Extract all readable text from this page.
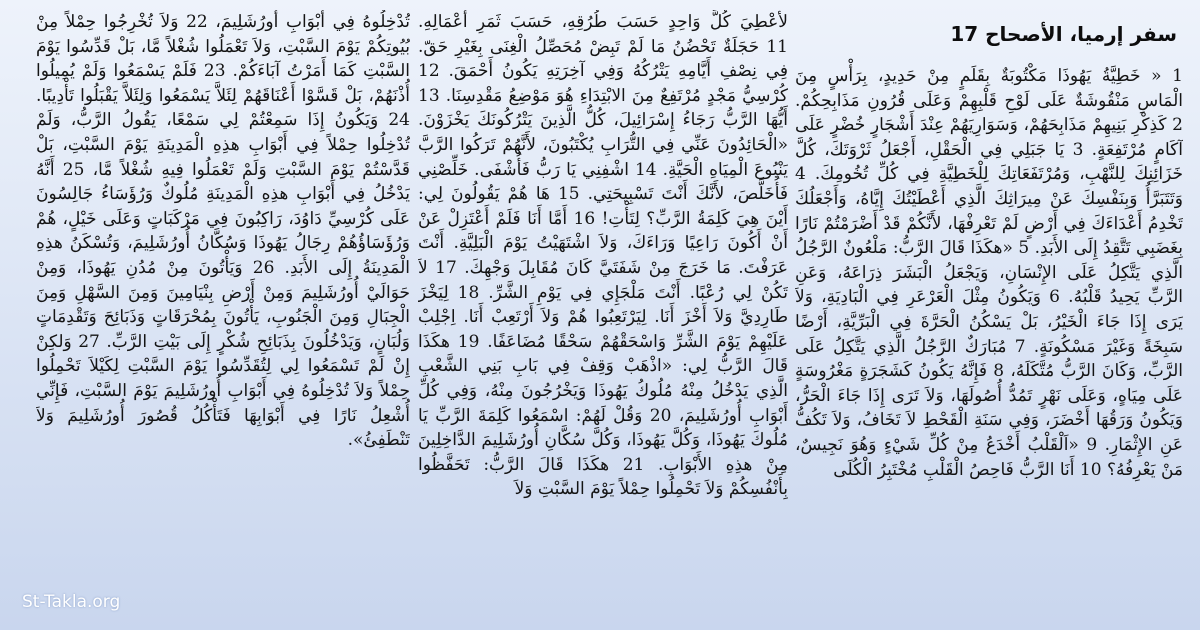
سفر إرميا، الأصحاح 17
1 « خَطِيَّةُ يَهُوذَا مَكْتُوبَةٌ بِقَلَمٍ مِنْ حَدِيدٍ، بِرَأْسٍ مِنَ الْمَاسِ مَنْقُوشَةٌ عَلَى لَوْحِ قَلْبِهِمْ وَعَلَى قُرُونِ مَذَابِحِكُمْ. 2 كَذِكْرِ بَنِيهِمْ مَذَابِحَهُمْ، وَسَوَارِيَهُمْ عِنْدَ أَشْجَارٍ خُضْرٍ عَلَى آكَامٍ مُرْتَفِعَةٍ. 3 يَا جَبَلِي فِي الْحَقْلِ، أَجْعَلُ ثَرْوَتَكَ، كُلَّ خَزَائِنِكَ لِلنَّهْبِ، وَمُرْتَفَعَاتِكَ لِلْخَطِيَّةِ فِي كُلِّ تُخُومِكَ. 4 وَتَتَبَرَّأُ وَبِنَفْسِكَ عَنْ مِيرَاثِكَ الَّذِي أَعْطَيْتُكَ إِيَّاهُ، وَأَجْعَلُكَ تَخْدِمُ أَعْدَاءَكَ فِي أَرْضٍ لَمْ تَعْرِفْهَا، لأَنَّكُمْ قَدْ أَضْرَمْتُمْ نَارًا بِغَضَبِي تَتَّقِدُ إِلَى الأَبَدِ. 5 «هكَذَا قَالَ الرَّبُّ: مَلْعُونٌ الرَّجُلُ الَّذِي يَتَّكِلُ عَلَى الإِنْسَانِ، وَيَجْعَلُ الْبَشَرَ ذِرَاعَهُ، وَعَنِ الرَّبِّ يَحِيدُ قَلْبُهُ. 6 وَيَكُونُ مِثْلَ الْعَرْعَرِ فِي الْبَادِيَةِ، وَلاَ يَرَى إِذَا جَاءَ الْخَيْرُ، بَلْ يَسْكُنُ الْحَرَّةَ فِي الْبَرِّيَّةِ، أَرْضًا سَبِخَةً وَغَيْرَ مَسْكُونَةٍ. 7 مُبَارَكٌ الرَّجُلُ الَّذِي يَتَّكِلُ عَلَى الرَّبِّ، وَكَانَ الرَّبُّ مُتَّكَلَهُ، 8 فَإِنَّهُ يَكُونُ كَشَجَرَةٍ مَغْرُوسَةٍ عَلَى مِيَاهٍ، وَعَلَى نَهْرٍ تَمُدُّ أُصُولَهَا، وَلاَ تَرَى إِذَا جَاءَ الْحَرُّ، وَيَكُونُ وَرَقُهَا أَخْضَرَ، وَفِي سَنَةِ الْقَحْطِ لاَ تَخَافُ، وَلاَ تَكُفُّ عَنِ الإِثْمَارِ. 9 «اَلْقَلْبُ أَخْدَعُ مِنْ كُلِّ شَيْءٍ وَهُوَ نَجِيسٌ، مَنْ يَعْرِفُهُ؟ 10 أَنَا الرَّبُّ فَاحِصُ الْقَلْبِ مُخْتَبِرُ الْكُلَى
لأُعْطِيَ كُلَّ وَاحِدٍ حَسَبَ طُرُقِهِ، حَسَبَ ثَمَرِ أَعْمَالِهِ. 11 حَجَلَةٌ تَحْضُنُ مَا لَمْ تَبِضْ مُحَصِّلُ الْغِنَى بِغَيْرِ حَقّ. فِي نِصْفِ أَيَّامِهِ يَتْرُكُهُ وَفِي آخِرَتِهِ يَكُونُ أَحْمَقَ. 12 كُرْسِيُّ مَجْدٍ مُرْتَفِعٌ مِنَ الابْتِدَاءِ هُوَ مَوْضِعُ مَقْدِسِنَا. 13 أَيُّهَا الرَّبُّ رَجَاءُ إِسْرَائِيلَ، كُلُّ الَّذِينَ يَتْرُكُونَكَ يَخْزَوْنَ. «الْحَائِدُونَ عَنِّي فِي التُّرَابِ يُكْتَبُونَ، لأَنَّهُمْ تَرَكُوا الرَّبَّ يَنْبُوعَ الْمِيَاهِ الْحَيَّةِ. 14 اشْفِنِي يَا رَبُّ فَأُشْفَى. خَلِّصْنِي فَأُخَلَّصَ، لأَنَّكَ أَنْتَ تَسْبِيحَتِي. 15 هَا هُمْ يَقُولُونَ لِي: أَيْنَ هِيَ كَلِمَةُ الرَّبِّ؟ لِتَأْتِ! 16 أَمَّا أَنَا فَلَمْ أَعْتَزِلْ عَنْ أَنْ أَكُونَ رَاعِيًا وَرَاءَكَ، وَلاَ اشْتَهَيْتُ يَوْمَ الْبَلِيَّةِ. أَنْتَ عَرَفْتَ. مَا خَرَجَ مِنْ شَفَتَيَّ كَانَ مُقَابِلَ وَجْهِكَ. 17 لاَ تَكُنْ لِي رُعْبًا. أَنْتَ مَلْجَإِي فِي يَوْمِ الشَّرِّ. 18 لِيَخْزَ طَارِدِيَّ وَلاَ أَخْزَ أَنَا. لِيَرْتَعِبُوا هُمْ وَلاَ أَرْتَعِبْ أَنَا. اِجْلِبْ عَلَيْهِمْ يَوْمَ الشَّرِّ وَاسْحَقْهُمْ سَحْقًا مُضَاعَفًا. 19 هكَذَا قَالَ الرَّبُّ لِي: «اذْهَبْ وَقِفْ فِي بَابِ بَنِي الشَّعْبِ الَّذِي يَدْخُلُ مِنْهُ مُلُوكُ يَهُوذَا وَيَخْرُجُونَ مِنْهُ، وَفِي كُلِّ أَبْوَابِ أُورُشَلِيمَ، 20 وَقُلْ لَهُمْ: اسْمَعُوا كَلِمَةَ الرَّبِّ يَا مُلُوكَ يَهُوذَا، وَكُلَّ يَهُوذَا، وَكُلَّ سُكَّانِ أُورُشَلِيمَ الدَّاخِلِينَ مِنْ هذِهِ الأَبْوَابِ. 21 هكَذَا قَالَ الرَّبُّ: تَحَفَّظُوا بِأَنْفُسِكُمْ وَلاَ تَحْمِلُوا حِمْلاً يَوْمَ السَّبْتِ وَلاَ
تُدْخِلُوهُ فِي أَبْوَابِ أُورُشَلِيمَ، 22 وَلاَ تُخْرِجُوا حِمْلاً مِنْ بُيُوتِكُمْ يَوْمَ السَّبْتِ، وَلاَ تَعْمَلُوا شُغْلاً مَّا، بَلْ قَدِّسُوا يَوْمَ السَّبْتِ كَمَا أَمَرْتُ آبَاءَكُمْ. 23 فَلَمْ يَسْمَعُوا وَلَمْ يُمِيلُوا أُذْنَهُمْ، بَلْ قَسَّوْا أَعْنَاقَهُمْ لِئَلاَّ يَسْمَعُوا وَلِئَلاَّ يَقْبَلُوا تَأْدِيبًا. 24 وَيَكُونُ إِذَا سَمِعْتُمْ لِي سَمْعًا، يَقُولُ الرَّبُّ، وَلَمْ تُدْخِلُوا حِمْلاً فِي أَبْوَابِ هذِهِ الْمَدِينَةِ يَوْمَ السَّبْتِ، بَلْ قَدَّسْتُمْ يَوْمَ السَّبْتِ وَلَمْ تَعْمَلُوا فِيهِ شُغْلاً مَّا، 25 أَنَّهُ يَدْخُلُ فِي أَبْوَابِ هذِهِ الْمَدِينَةِ مُلُوكٌ وَرُؤَسَاءُ جَالِسُونَ عَلَى كُرْسِيِّ دَاوُدَ، رَاكِبُونَ فِي مَرْكَبَاتٍ وَعَلَى خَيْلٍ، هُمْ وَرُؤَسَاؤُهُمْ رِجَالُ يَهُوذَا وَسُكَّانُ أُورُشَلِيمَ، وَتُسْكَنُ هذِهِ الْمَدِينَةُ إِلَى الأَبَدِ. 26 وَيَأْتُونَ مِنْ مُدُنِ يَهُوذَا، وَمِنْ حَوَالَيْ أُورُشَلِيمَ وَمِنْ أَرْضِ بِنْيَامِينَ وَمِنَ السَّهْلِ وَمِنَ الْجِبَالِ وَمِنَ الْجَنُوبِ، يَأْتُونَ بِمُحْرَقَاتٍ وَذَبَائِحَ وَتَقْدِمَاتٍ وَلُبَانٍ، وَيَدْخُلُونَ بِذَبَائِحِ شُكْرٍ إِلَى بَيْتِ الرَّبِّ. 27 وَلكِنْ إِنْ لَمْ تَسْمَعُوا لِي لِتُقَدِّسُوا يَوْمَ السَّبْتِ لِكَيْلاَ تَحْمِلُوا حِمْلاً وَلاَ تُدْخِلُوهُ فِي أَبْوَابِ أُورُشَلِيمَ يَوْمَ السَّبْتِ، فَإِنِّي أُشْعِلُ نَارًا فِي أَبْوَابِهَا فَتَأْكُلُ قُصُورَ أُورُشَلِيمَ وَلاَ تَنْطَفِئُ».
St-Takla.org
